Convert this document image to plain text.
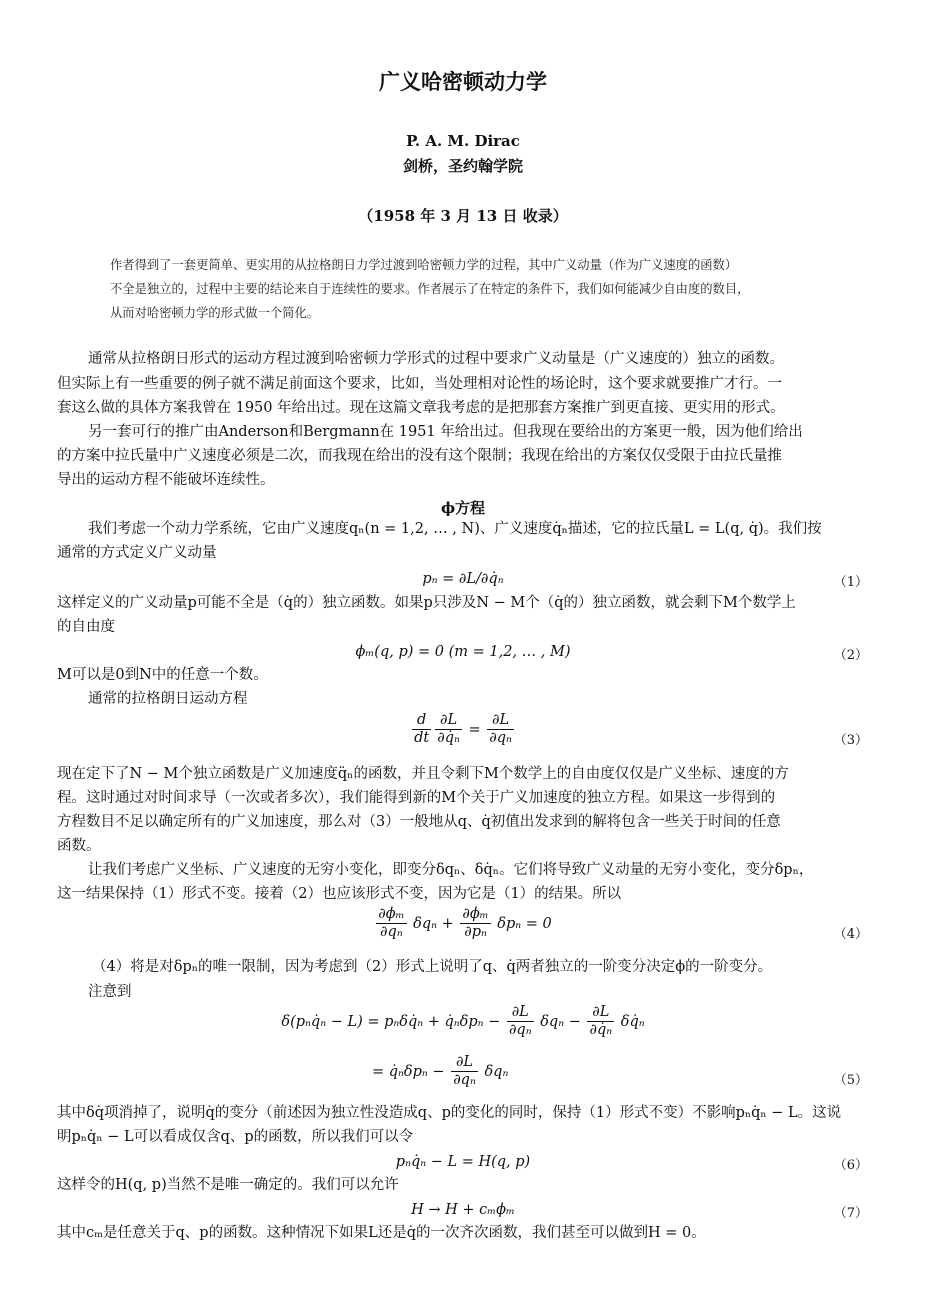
广义哈密顿动力学
P. A. M. Dirac
剑桥，圣约翰学院
（1958 年 3 月 13 日 收录）
作者得到了一套更简单、更实用的从拉格朗日力学过渡到哈密顿力学的过程，其中广义动量（作为广义速度的函数）
不全是独立的，过程中主要的结论来自于连续性的要求。作者展示了在特定的条件下，我们如何能减少自由度的数目，
从而对哈密顿力学的形式做一个简化。
通常从拉格朗日形式的运动方程过渡到哈密顿力学形式的过程中要求广义动量是（广义速度的）独立的函数。
但实际上有一些重要的例子就不满足前面这个要求，比如，当处理相对论性的场论时，这个要求就要推广才行。一
套这么做的具体方案我曾在 1950 年给出过。现在这篇文章我考虑的是把那套方案推广到更直接、更实用的形式。
另一套可行的推广由Anderson和Bergmann在 1951 年给出过。但我现在要给出的方案更一般，因为他们给出
的方案中拉氏量中广义速度必须是二次，而我现在给出的没有这个限制；我现在给出的方案仅仅受限于由拉氏量推
导出的运动方程不能破坏连续性。
ϕ方程
我们考虑一个动力学系统，它由广义速度qₙ(n = 1,2, … , N)、广义速度q̇ₙ描述，它的拉氏量L = L(q, q̇)。我们按
通常的方式定义广义动量
pₙ = ∂L/∂q̇ₙ	（1）
这样定义的广义动量p可能不全是（q̇的）独立函数。如果p只涉及N − M个（q̇的）独立函数，就会剩下M个数学上
的自由度
ϕₘ(q, p) = 0 (m = 1,2, … , M)	（2）
M可以是0到N中的任意一个数。
通常的拉格朗日运动方程
$\frac{d}{dt} \frac{\partial L}{\text{∂q̇ₙ}} = \frac{\partial L}{\text{∂qₙ}}$	（3）
现在定下了N − M个独立函数是广义加速度q̈ₙ的函数，并且令剩下M个数学上的自由度仅仅是广义坐标、速度的方
程。这时通过对时间求导（一次或者多次），我们能得到新的M个关于广义加速度的独立方程。如果这一步得到的
方程数目不足以确定所有的广义加速度，那么对（3）一般地从q、q̇初值出发求到的解将包含一些关于时间的任意
函数。
让我们考虑广义坐标、广义速度的无穷小变化，即变分δqₙ、δq̇ₙ。它们将导致广义动量的无穷小变化，变分δpₙ，
这一结果保持（1）形式不变。接着（2）也应该形式不变，因为它是（1）的结果。所以
$\frac{\text{∂ϕₘ}}{\text{∂qₙ}}$ $\delta q_n + \frac{\text{∂ϕₘ}}{\text{∂pₙ}}$ δpₙ = 0
（4）
（4）将是对δpₙ的唯一限制，因为考虑到（2）形式上说明了q、q̇两者独立的一阶变分决定ϕ的一阶变分。
注意到
δ(pₙq̇ₙ − L) = pₙδq̇ₙ + q̇ₙδpₙ − $\frac{\partial L}{\text{∂qₙ}}$ $\delta q_n - \frac{\partial L}{\text{∂q̇ₙ}}$ δq̇ₙ
= q̇ₙδpₙ − $\frac{\partial L}{\text{∂qₙ}}$ δqₙ
（5）
其中δq̇项消掉了，说明q̇的变分（前述因为独立性没造成q、p的变化的同时，保持（1）形式不变）不影响pₙq̇ₙ − L。这说
明pₙq̇ₙ − L可以看成仅含q、p的函数，所以我们可以令
pₙq̇ₙ − L = H(q, p)	（6）
这样令的H(q, p)当然不是唯一确定的。我们可以允许
H → H + cₘϕₘ	（7）
其中cₘ是任意关于q、p的函数。这种情况下如果L还是q̇的一次齐次函数，我们甚至可以做到H = 0。
